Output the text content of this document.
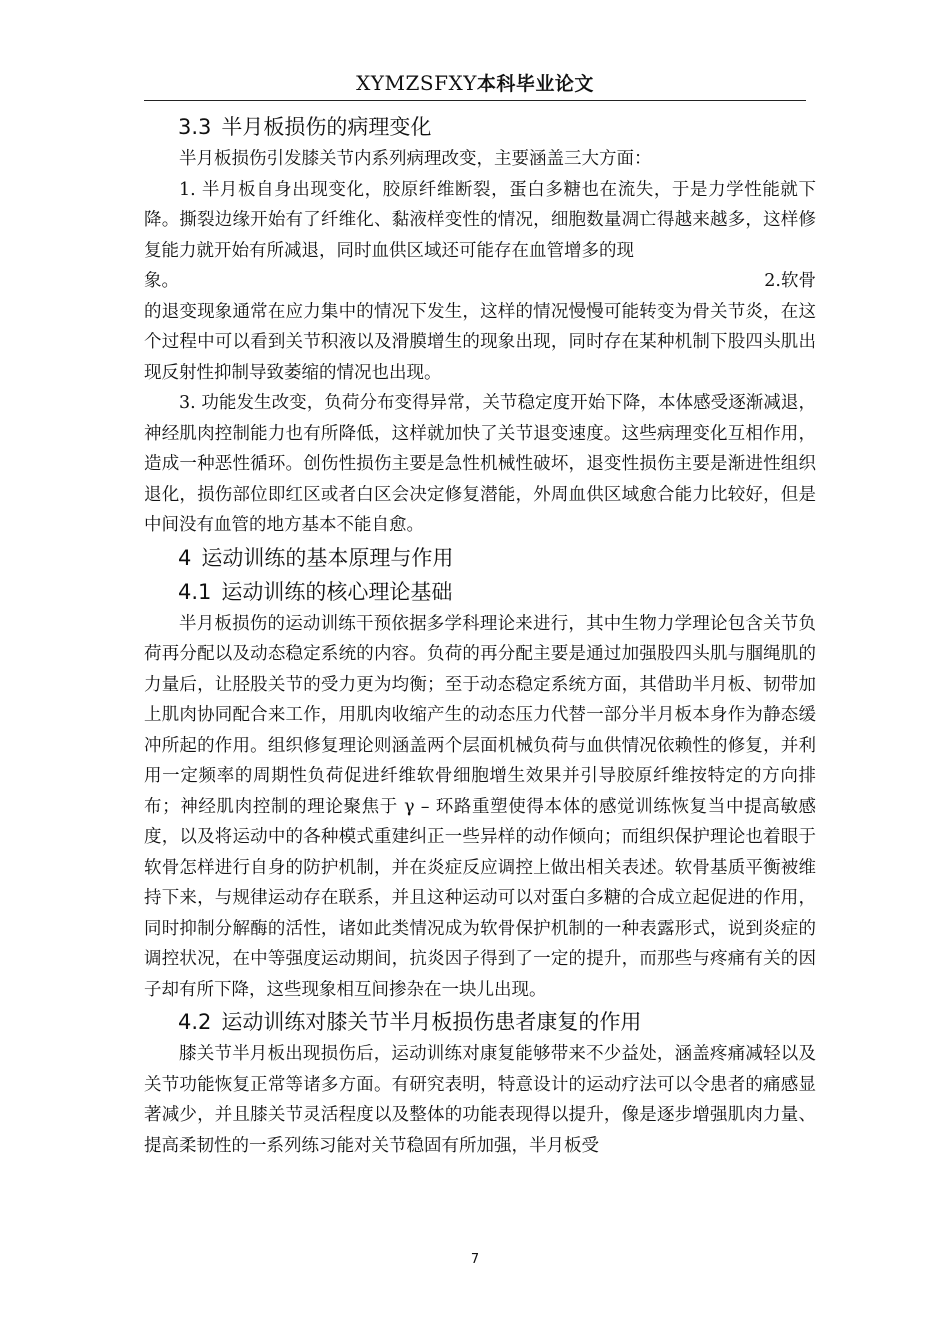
XYMZSFXY本科毕业论文
3.3 半月板损伤的病理变化

半月板损伤引发膝关节内系列病理改变，主要涵盖三大方面：

1. 半月板自身出现变化，胶原纤维断裂，蛋白多糖也在流失，于是力学性能就下降。撕裂边缘开始有了纤维化、黏液样变性的情况，细胞数量凋亡得越来越多，这样修复能力就开始有所减退，同时血供区域还可能存在血管增多的现

象。	2.软骨

的退变现象通常在应力集中的情况下发生，这样的情况慢慢可能转变为骨关节炎，在这个过程中可以看到关节积液以及滑膜增生的现象出现，同时存在某种机制下股四头肌出现反射性抑制导致萎缩的情况也出现。

3. 功能发生改变，负荷分布变得异常，关节稳定度开始下降，本体感受逐渐减退，神经肌肉控制能力也有所降低，这样就加快了关节退变速度。这些病理变化互相作用，造成一种恶性循环。创伤性损伤主要是急性机械性破坏，退变性损伤主要是渐进性组织退化，损伤部位即红区或者白区会决定修复潜能，外周血供区域愈合能力比较好，但是中间没有血管的地方基本不能自愈。

4 运动训练的基本原理与作用
4.1 运动训练的核心理论基础

半月板损伤的运动训练干预依据多学科理论来进行，其中生物力学理论包含关节负荷再分配以及动态稳定系统的内容。负荷的再分配主要是通过加强股四头肌与腘绳肌的力量后，让胫股关节的受力更为均衡；至于动态稳定系统方面，其借助半月板、韧带加上肌肉协同配合来工作，用肌肉收缩产生的动态压力代替一部分半月板本身作为静态缓冲所起的作用。组织修复理论则涵盖两个层面机械负荷与血供情况依赖性的修复，并利用一定频率的周期性负荷促进纤维软骨细胞增生效果并引导胶原纤维按特定的方向排布；神经肌肉控制的理论聚焦于 γ – 环路重塑使得本体的感觉训练恢复当中提高敏感度，以及将运动中的各种模式重建纠正一些异样的动作倾向；而组织保护理论也着眼于软骨怎样进行自身的防护机制，并在炎症反应调控上做出相关表述。软骨基质平衡被维持下来，与规律运动存在联系，并且这种运动可以对蛋白多糖的合成立起促进的作用，同时抑制分解酶的活性，诸如此类情况成为软骨保护机制的一种表露形式，说到炎症的调控状况，在中等强度运动期间，抗炎因子得到了一定的提升，而那些与疼痛有关的因子却有所下降，这些现象相互间掺杂在一块儿出现。

4.2 运动训练对膝关节半月板损伤患者康复的作用

膝关节半月板出现损伤后，运动训练对康复能够带来不少益处，涵盖疼痛减轻以及关节功能恢复正常等诸多方面。有研究表明，特意设计的运动疗法可以令患者的痛感显著减少，并且膝关节灵活程度以及整体的功能表现得以提升，像是逐步增强肌肉力量、提高柔韧性的一系列练习能对关节稳固有所加强，半月板受

7
